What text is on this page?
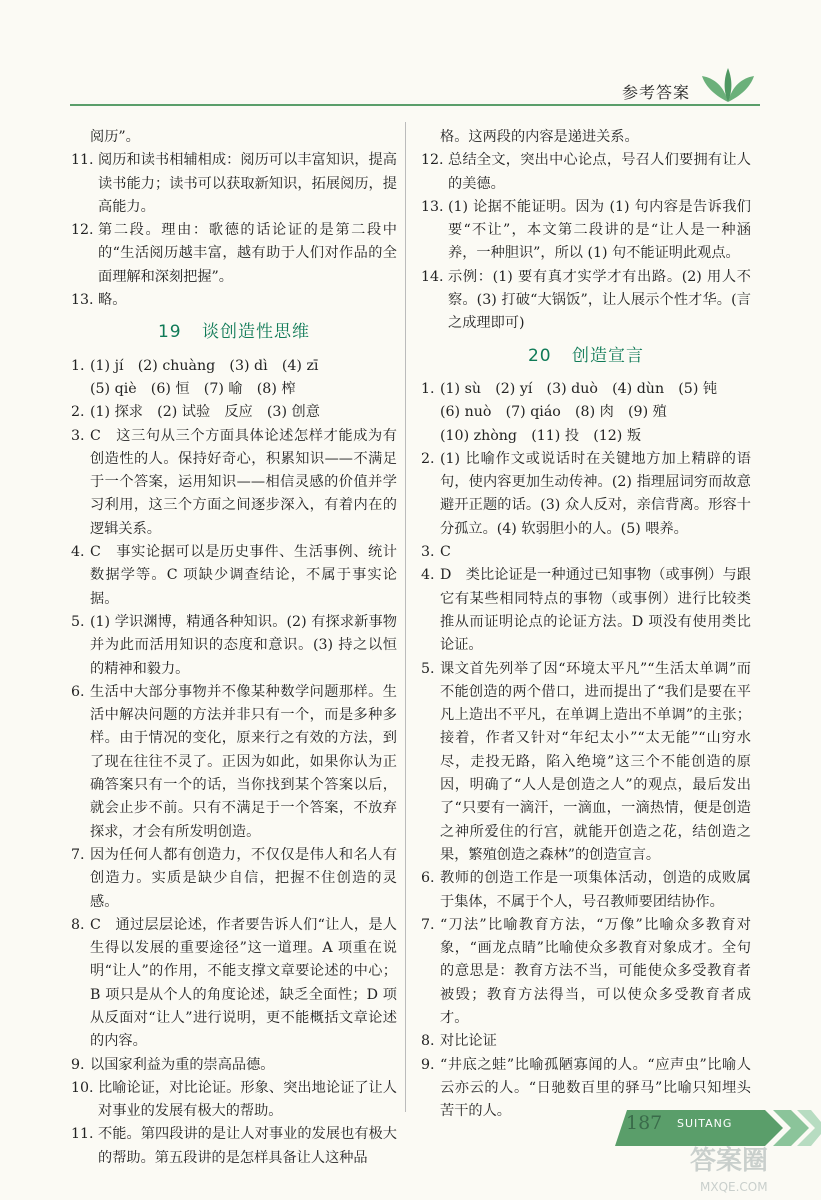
参考答案
阅历”。
11. 阅历和读书相辅相成：阅历可以丰富知识，提高读书能力；读书可以获取新知识，拓展阅历，提高能力。
12. 第二段。理由：歌德的话论证的是第二段中的“生活阅历越丰富，越有助于人们对作品的全面理解和深刻把握”。
13. 略。
19 谈创造性思维
1. (1) jí　(2) chuàng　(3) dì　(4) zī
(5) qiè　(6) 恒　(7) 喻　(8) 榨
2. (1) 探求　(2) 试验　反应　(3) 创意
3. C　这三句从三个方面具体论述怎样才能成为有创造性的人。保持好奇心，积累知识——不满足于一个答案，运用知识——相信灵感的价值并学习利用，这三个方面之间逐步深入，有着内在的逻辑关系。
4. C　事实论据可以是历史事件、生活事例、统计数据学等。C 项缺少调查结论，不属于事实论据。
5. (1) 学识渊博，精通各种知识。(2) 有探求新事物并为此而活用知识的态度和意识。(3) 持之以恒的精神和毅力。
6. 生活中大部分事物并不像某种数学问题那样。生活中解决问题的方法并非只有一个，而是多种多样。由于情况的变化，原来行之有效的方法，到了现在往往不灵了。正因为如此，如果你认为正确答案只有一个的话，当你找到某个答案以后，就会止步不前。只有不满足于一个答案，不放弃探求，才会有所发明创造。
7. 因为任何人都有创造力，不仅仅是伟人和名人有创造力。实质是缺少自信，把握不住创造的灵感。
8. C　通过层层论述，作者要告诉人们“让人，是人生得以发展的重要途径”这一道理。A 项重在说明“让人”的作用，不能支撑文章要论述的中心；B 项只是从个人的角度论述，缺乏全面性；D 项从反面对“让人”进行说明，更不能概括文章论述的内容。
9. 以国家利益为重的崇高品德。
10. 比喻论证，对比论证。形象、突出地论证了让人对事业的发展有极大的帮助。
11. 不能。第四段讲的是让人对事业的发展也有极大的帮助。第五段讲的是怎样具备让人这种品
格。这两段的内容是递进关系。
12. 总结全文，突出中心论点，号召人们要拥有让人的美德。
13. (1) 论据不能证明。因为 (1) 句内容是告诉我们要“不让”，本文第二段讲的是“让人是一种涵养，一种胆识”，所以 (1) 句不能证明此观点。
14. 示例：(1) 要有真才实学才有出路。(2) 用人不察。(3) 打破“大锅饭”，让人展示个性才华。(言之成理即可)
20 创造宣言
1. (1) sù　(2) yí　(3) duò　(4) dùn　(5) 钝
(6) nuò　(7) qiáo　(8) 肉　(9) 殖
(10) zhòng　(11) 投　(12) 叛
2. (1) 比喻作文或说话时在关键地方加上精辟的语句，使内容更加生动传神。(2) 指理屈词穷而故意避开正题的话。(3) 众人反对，亲信背离。形容十分孤立。(4) 软弱胆小的人。(5) 喂养。
3. C
4. D　类比论证是一种通过已知事物（或事例）与跟它有某些相同特点的事物（或事例）进行比较类推从而证明论点的论证方法。D 项没有使用类比论证。
5. 课文首先列举了因“环境太平凡”“生活太单调”而不能创造的两个借口，进而提出了“我们是要在平凡上造出不平凡，在单调上造出不单调”的主张；接着，作者又针对“年纪太小”“太无能”“山穷水尽，走投无路，陷入绝境”这三个不能创造的原因，明确了“人人是创造之人”的观点，最后发出了“只要有一滴汗，一滴血，一滴热情，便是创造之神所爱住的行宫，就能开创造之花，结创造之果，繁殖创造之森林”的创造宣言。
6. 教师的创造工作是一项集体活动，创造的成败属于集体，不属于个人，号召教师要团结协作。
7. “刀法”比喻教育方法，“万像”比喻众多教育对象，“画龙点睛”比喻使众多教育对象成才。全句的意思是：教育方法不当，可能使众多受教育者被毁；教育方法得当，可以使众多受教育者成才。
8. 对比论证
9. “井底之蛙”比喻孤陋寡闻的人。“应声虫”比喻人云亦云的人。“日驰数百里的驿马”比喻只知埋头苦干的人。
187 SUITANG
答案圈
MXQE.COM
